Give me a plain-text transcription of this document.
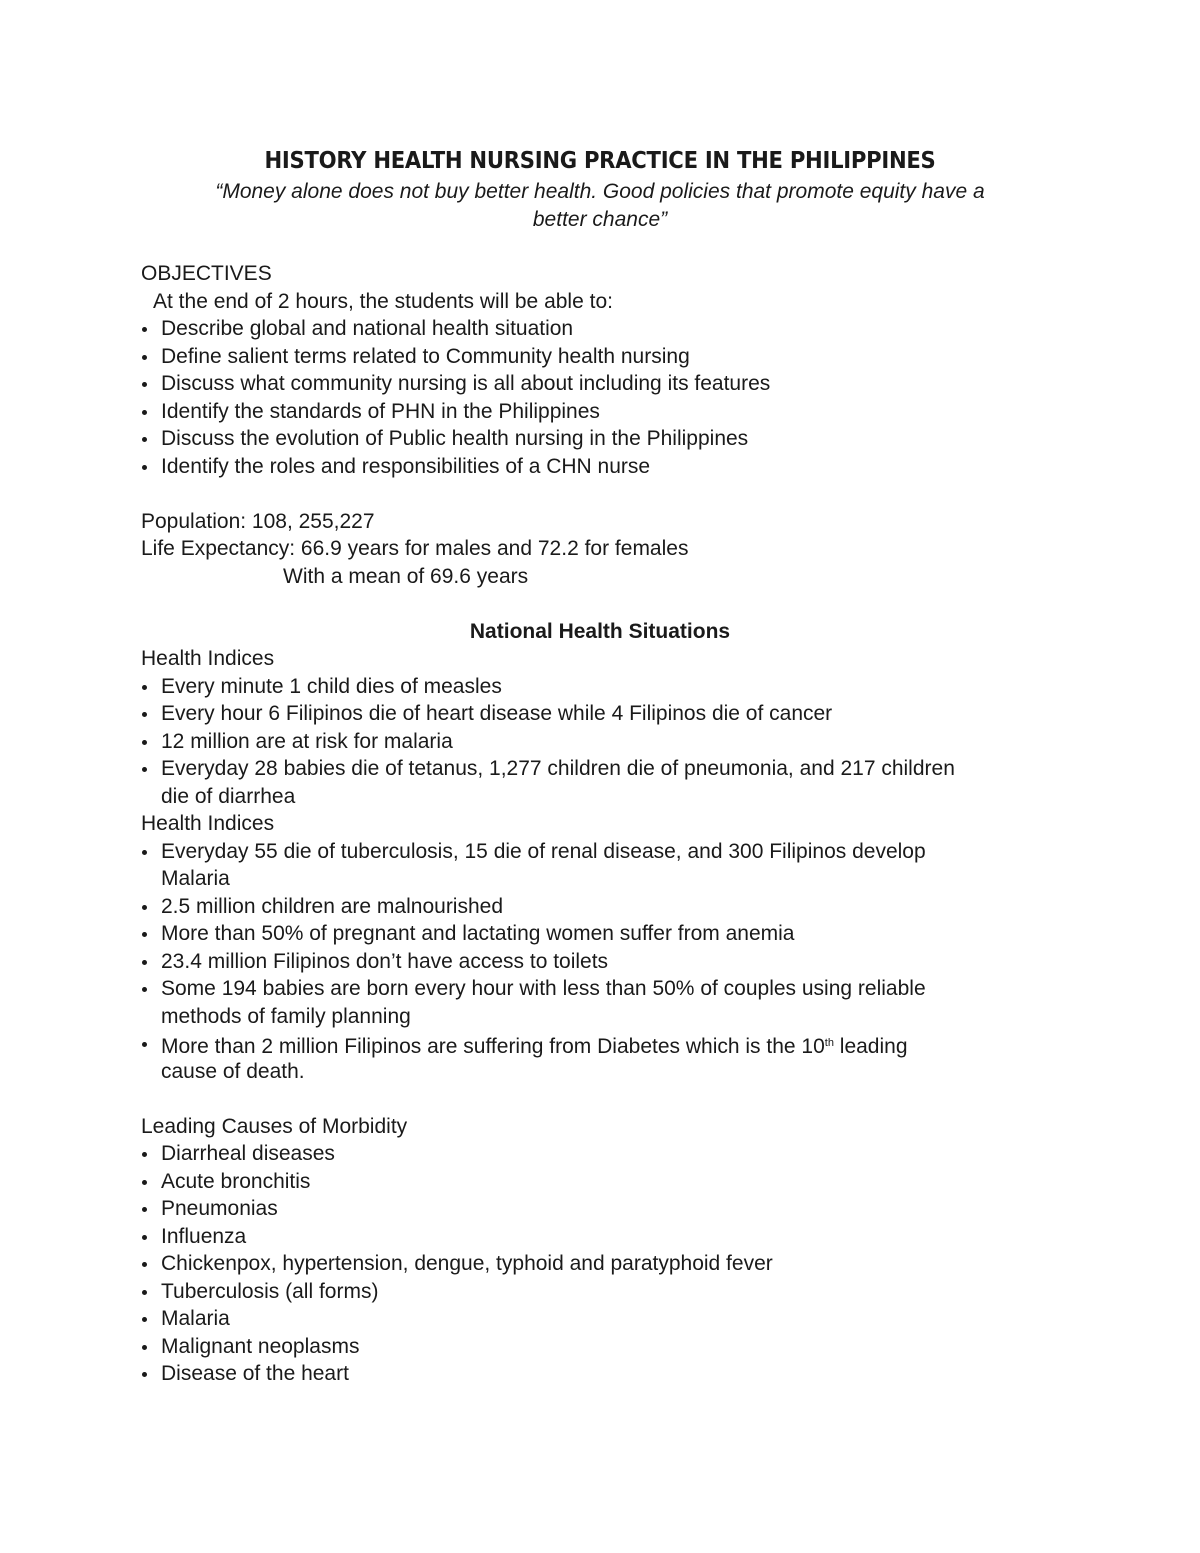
HISTORY HEALTH NURSING PRACTICE IN THE PHILIPPINES
“Money alone does not buy better health. Good policies that promote equity have a
better chance”
OBJECTIVES
At the end of 2 hours, the students will be able to:
Describe global and national health situation
Define salient terms related to Community health nursing
Discuss what community nursing is all about including its features
Identify the standards of PHN in the Philippines
Discuss the evolution of Public health nursing in the Philippines
Identify the roles and responsibilities of a CHN nurse
Population: 108, 255,227
Life Expectancy: 66.9 years for males and 72.2 for females
With a mean of 69.6 years
National Health Situations
Health Indices
Every minute 1 child dies of measles
Every hour 6 Filipinos die of heart disease while 4 Filipinos die of cancer
12 million are at risk for malaria
Everyday 28 babies die of tetanus, 1,277 children die of pneumonia, and 217 children
die of diarrhea
Health Indices
Everyday 55 die of tuberculosis, 15 die of renal disease, and 300 Filipinos develop
Malaria
2.5 million children are malnourished
More than 50% of pregnant and lactating women suffer from anemia
23.4 million Filipinos don’t have access to toilets
Some 194 babies are born every hour with less than 50% of couples using reliable
methods of family planning
More than 2 million Filipinos are suffering from Diabetes which is the 10th leading
cause of death.
Leading Causes of Morbidity
Diarrheal diseases
Acute bronchitis
Pneumonias
Influenza
Chickenpox, hypertension, dengue, typhoid and paratyphoid fever
Tuberculosis (all forms)
Malaria
Malignant neoplasms
Disease of the heart
